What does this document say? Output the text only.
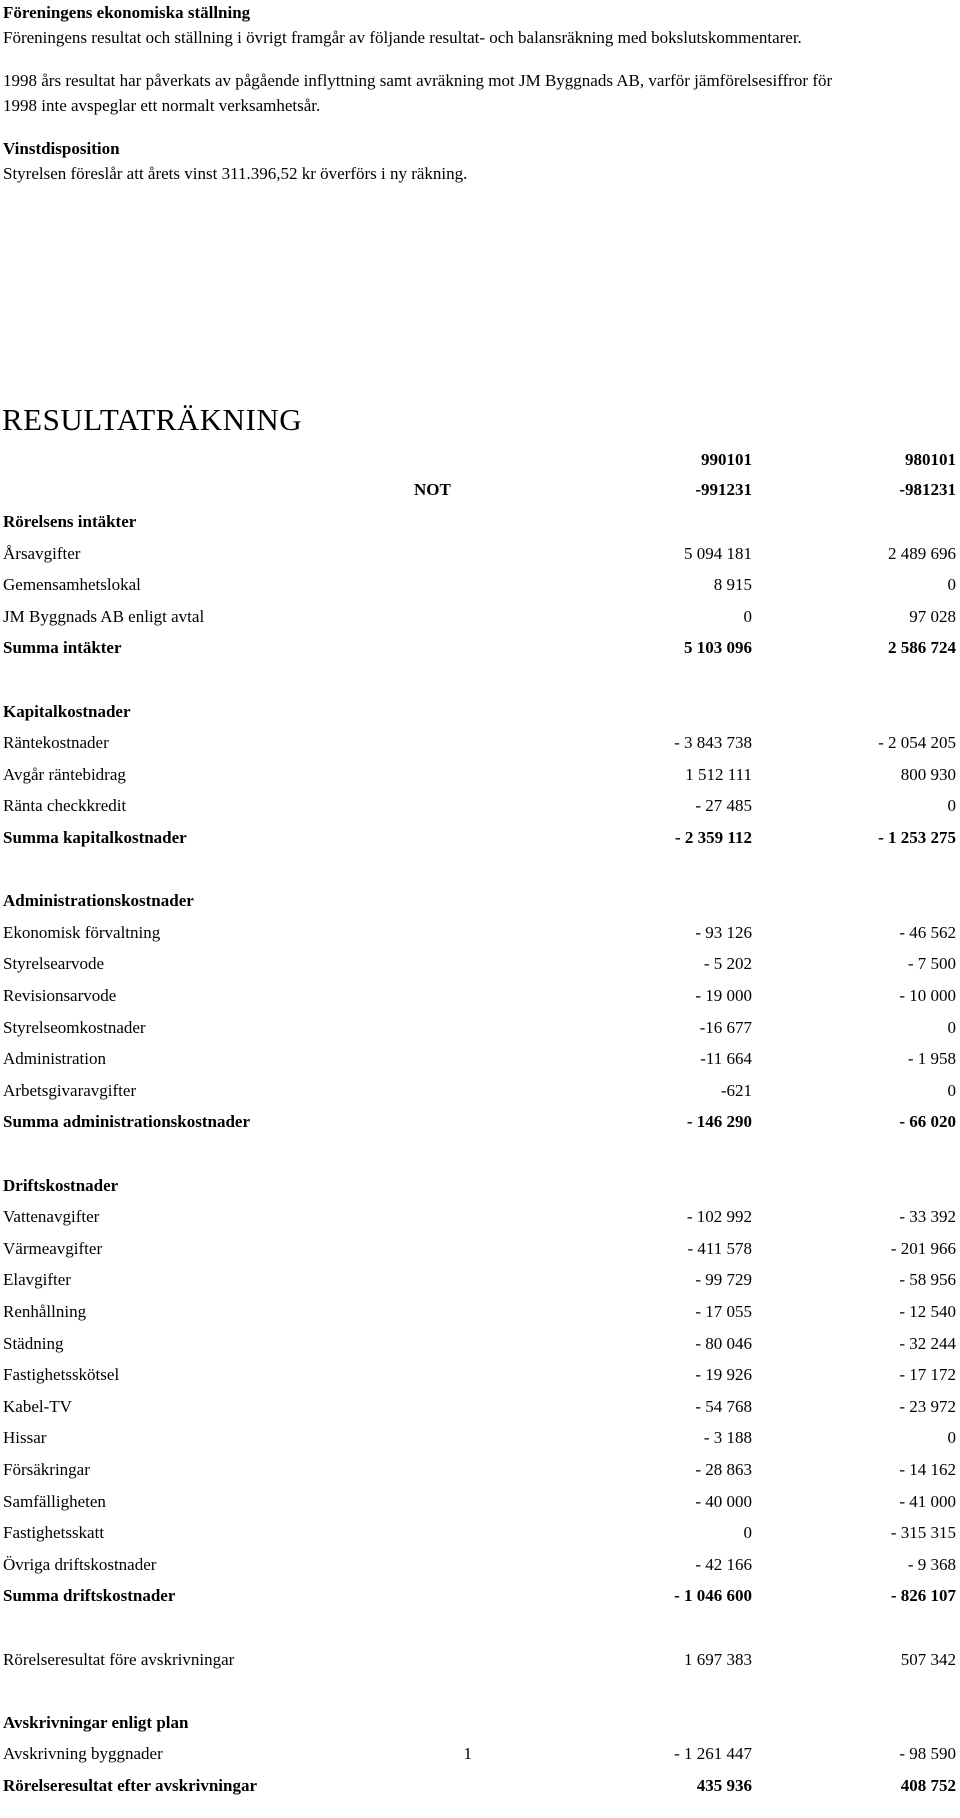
Föreningens ekonomiska ställning

Föreningens resultat och ställning i övrigt framgår av följande resultat- och balansräkning med bokslutskommentarer.

1998 års resultat har påverkats av pågående inflyttning samt avräkning mot JM Byggnads AB, varför jämförelsesiffror för

1998 inte avspeglar ett normalt verksamhetsår.

Vinstdisposition

Styrelsen föreslår att årets vinst 311.396,52 kr överförs i ny räkning.

RESULTATRÄKNING
990101	980101
NOT	-991231	-981231
Rörelsens intäkter
Årsavgifter	5 094 181	2 489 696
Gemensamhetslokal	8 915	0
JM Byggnads AB enligt avtal	0	97 028
Summa intäkter	5 103 096	2 586 724
Kapitalkostnader
Räntekostnader	- 3 843 738	- 2 054 205
Avgår räntebidrag	1 512 111	800 930
Ränta checkkredit	- 27 485	0
Summa kapitalkostnader	- 2 359 112	- 1 253 275
Administrationskostnader
Ekonomisk förvaltning	- 93 126	- 46 562
Styrelsearvode	- 5 202	- 7 500
Revisionsarvode	- 19 000	- 10 000
Styrelseomkostnader	-16 677	0
Administration	-11 664	- 1 958
Arbetsgivaravgifter	-621	0
Summa administrationskostnader	- 146 290	- 66 020
Driftskostnader
Vattenavgifter	- 102 992	- 33 392
Värmeavgifter	- 411 578	- 201 966
Elavgifter	- 99 729	- 58 956
Renhållning	- 17 055	- 12 540
Städning	- 80 046	- 32 244
Fastighetsskötsel	- 19 926	- 17 172
Kabel-TV	- 54 768	- 23 972
Hissar	- 3 188	0
Försäkringar	- 28 863	- 14 162
Samfälligheten	- 40 000	- 41 000
Fastighetsskatt	0	- 315 315
Övriga driftskostnader	- 42 166	- 9 368
Summa driftskostnader	- 1 046 600	- 826 107
Rörelseresultat före avskrivningar	1 697 383	507 342
Avskrivningar enligt plan
Avskrivning byggnader	1	- 1 261 447	- 98 590
Rörelseresultat efter avskrivningar	435 936	408 752
